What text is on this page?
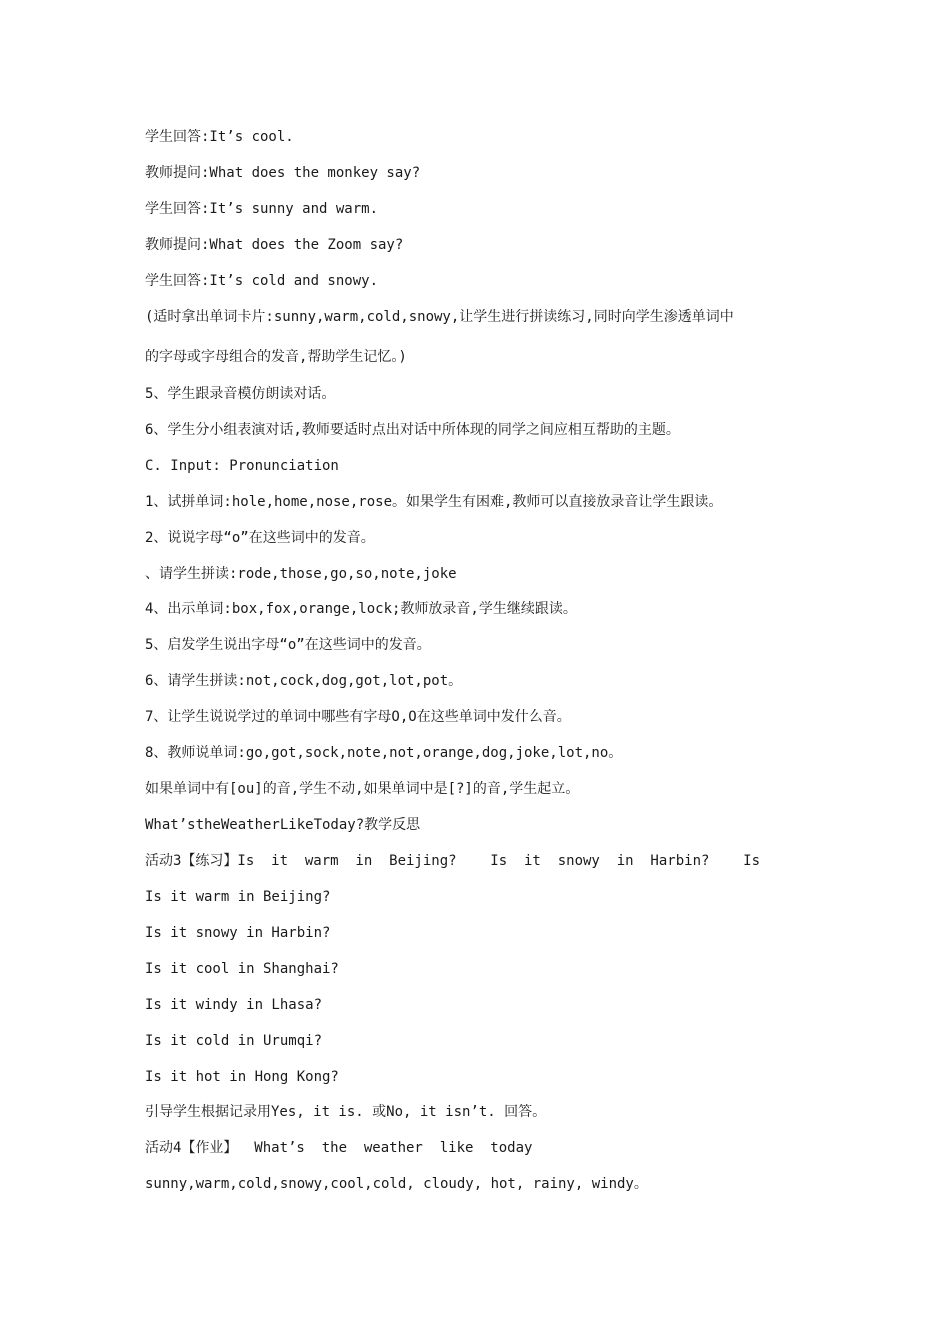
学生回答:It’s cool.
教师提问:What does the monkey say?
学生回答:It’s sunny and warm.
教师提问:What does the Zoom say?
学生回答:It’s cold and snowy.
(适时拿出单词卡片:sunny,warm,cold,snowy,让学生进行拼读练习,同时向学生渗透单词中
的字母或字母组合的发音,帮助学生记忆。)
5、学生跟录音模仿朗读对话。
6、学生分小组表演对话,教师要适时点出对话中所体现的同学之间应相互帮助的主题。
C. Input: Pronunciation
1、试拼单词:hole,home,nose,rose。如果学生有困难,教师可以直接放录音让学生跟读。
2、说说字母“o”在这些词中的发音。
、请学生拼读:rode,those,go,so,note,joke
4、出示单词:box,fox,orange,lock;教师放录音,学生继续跟读。
5、启发学生说出字母“o”在这些词中的发音。
6、请学生拼读:not,cock,dog,got,lot,pot。
7、让学生说说学过的单词中哪些有字母O,O在这些单词中发什么音。
8、教师说单词:go,got,sock,note,not,orange,dog,joke,lot,no。
如果单词中有[ou]的音,学生不动,如果单词中是[?]的音,学生起立。
What’stheWeatherLikeToday?教学反思
活动3【练习】Is  it  warm  in  Beijing?    Is  it  snowy  in  Harbin?    Is
Is it warm in Beijing?
Is it snowy in Harbin?
Is it cool in Shanghai?
Is it windy in Lhasa?
Is it cold in Urumqi?
Is it hot in Hong Kong?
引导学生根据记录用Yes, it is. 或No, it isn’t. 回答。
活动4【作业】  What’s  the  weather  like  today
sunny,warm,cold,snowy,cool,cold, cloudy, hot, rainy, windy。
